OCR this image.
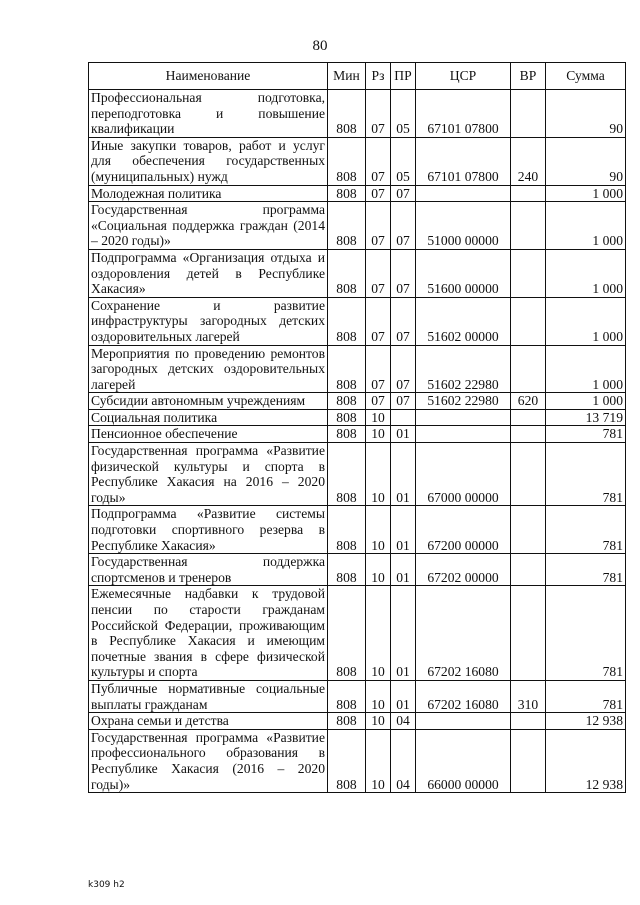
80
Наименование	Мин	Рз	ПР	ЦСР	ВР	Сумма
Профессиональная подготовка, переподготовка и повышение квалификации	808	07	05	67101 07800		90
Иные закупки товаров, работ и услуг для обеспечения государственных (муниципальных) нужд	808	07	05	67101 07800	240	90
Молодежная политика	808	07	07			1 000
Государственная программа «Социальная поддержка граждан (2014 – 2020 годы)»	808	07	07	51000 00000		1 000
Подпрограмма «Организация отдыха и оздоровления детей в Республике Хакасия»	808	07	07	51600 00000		1 000
Сохранение и развитие инфраструктуры загородных детских оздоровительных лагерей	808	07	07	51602 00000		1 000
Мероприятия по проведению ремонтов загородных детских оздоровительных лагерей	808	07	07	51602 22980		1 000
Субсидии автономным учреждениям	808	07	07	51602 22980	620	1 000
Социальная политика	808	10				13 719
Пенсионное обеспечение	808	10	01			781
Государственная программа «Развитие физической культуры и спорта в Республике Хакасия на 2016 – 2020 годы»	808	10	01	67000 00000		781
Подпрограмма «Развитие системы подготовки спортивного резерва в Республике Хакасия»	808	10	01	67200 00000		781
Государственная поддержка спортсменов и тренеров	808	10	01	67202 00000		781
Ежемесячные надбавки к трудовой пенсии по старости гражданам Российской Федерации, проживающим в Республике Хакасия и имеющим почетные звания в сфере физической культуры и спорта	808	10	01	67202 16080		781
Публичные нормативные социальные выплаты гражданам	808	10	01	67202 16080	310	781
Охрана семьи и детства	808	10	04			12 938
Государственная программа «Развитие профессионального образования в Республике Хакасия (2016 – 2020 годы)»	808	10	04	66000 00000		12 938
k309 h2
